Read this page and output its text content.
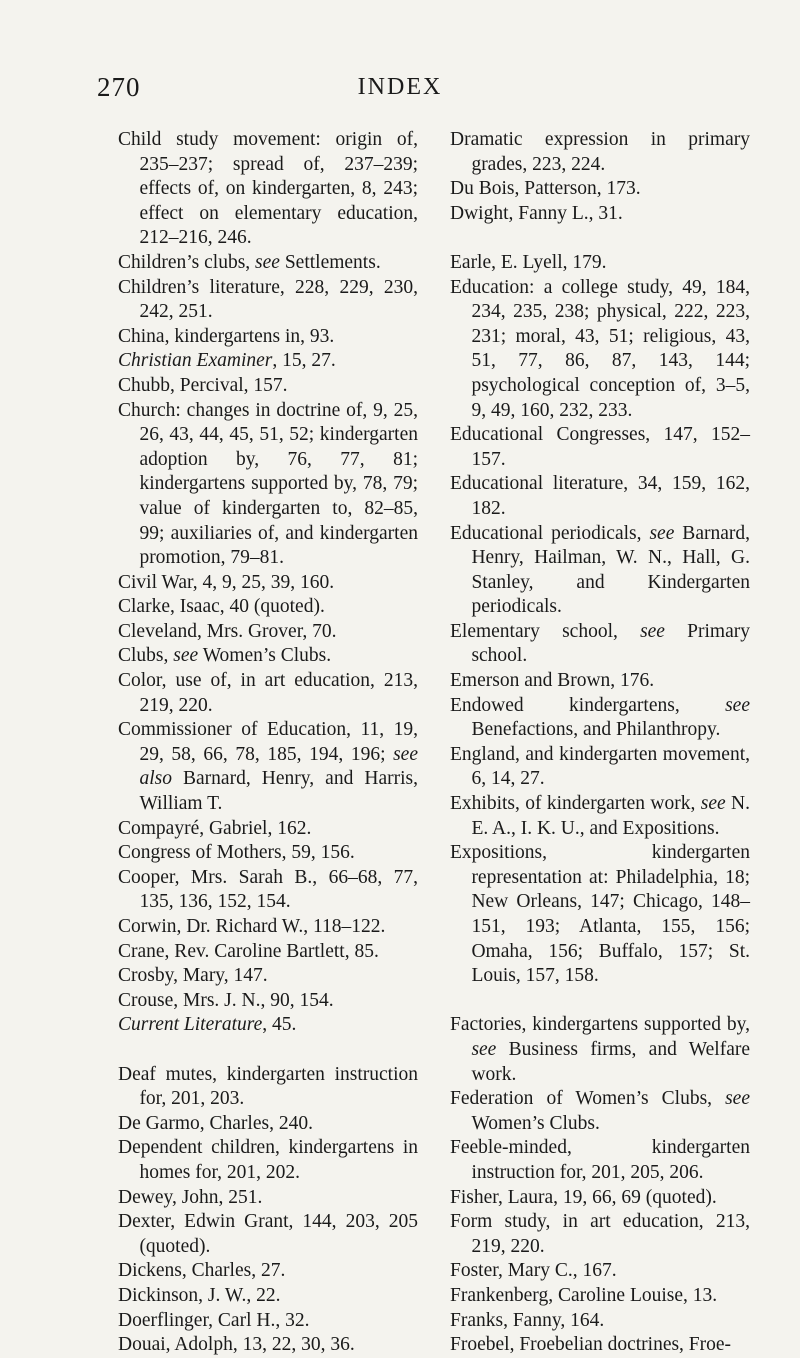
270	INDEX
Child study movement: origin of, 235–237; spread of, 237–239; effects of, on kindergarten, 8, 243; effect on elementary education, 212–216, 246.
Children’s clubs, see Settlements.
Children’s literature, 228, 229, 230, 242, 251.
China, kindergartens in, 93.
Christian Examiner, 15, 27.
Chubb, Percival, 157.
Church: changes in doctrine of, 9, 25, 26, 43, 44, 45, 51, 52; kindergarten adoption by, 76, 77, 81; kindergartens supported by, 78, 79; value of kindergarten to, 82–85, 99; auxiliaries of, and kindergarten promotion, 79–81.
Civil War, 4, 9, 25, 39, 160.
Clarke, Isaac, 40 (quoted).
Cleveland, Mrs. Grover, 70.
Clubs, see Women’s Clubs.
Color, use of, in art education, 213, 219, 220.
Commissioner of Education, 11, 19, 29, 58, 66, 78, 185, 194, 196; see also Barnard, Henry, and Harris, William T.
Compayré, Gabriel, 162.
Congress of Mothers, 59, 156.
Cooper, Mrs. Sarah B., 66–68, 77, 135, 136, 152, 154.
Corwin, Dr. Richard W., 118–122.
Crane, Rev. Caroline Bartlett, 85.
Crosby, Mary, 147.
Crouse, Mrs. J. N., 90, 154.
Current Literature, 45.
Deaf mutes, kindergarten instruction for, 201, 203.
De Garmo, Charles, 240.
Dependent children, kindergartens in homes for, 201, 202.
Dewey, John, 251.
Dexter, Edwin Grant, 144, 203, 205 (quoted).
Dickens, Charles, 27.
Dickinson, J. W., 22.
Doerflinger, Carl H., 32.
Douai, Adolph, 13, 22, 30, 36.
Dramatic expression in primary grades, 223, 224.
Du Bois, Patterson, 173.
Dwight, Fanny L., 31.
Earle, E. Lyell, 179.
Education: a college study, 49, 184, 234, 235, 238; physical, 222, 223, 231; moral, 43, 51; religious, 43, 51, 77, 86, 87, 143, 144; psychological conception of, 3–5, 9, 49, 160, 232, 233.
Educational Congresses, 147, 152–157.
Educational literature, 34, 159, 162, 182.
Educational periodicals, see Barnard, Henry, Hailman, W. N., Hall, G. Stanley, and Kindergarten periodicals.
Elementary school, see Primary school.
Emerson and Brown, 176.
Endowed kindergartens, see Benefactions, and Philanthropy.
England, and kindergarten movement, 6, 14, 27.
Exhibits, of kindergarten work, see N. E. A., I. K. U., and Expositions.
Expositions, kindergarten representation at: Philadelphia, 18; New Orleans, 147; Chicago, 148–151, 193; Atlanta, 155, 156; Omaha, 156; Buffalo, 157; St. Louis, 157, 158.
Factories, kindergartens supported by, see Business firms, and Welfare work.
Federation of Women’s Clubs, see Women’s Clubs.
Feeble-minded, kindergarten instruction for, 201, 205, 206.
Fisher, Laura, 19, 66, 69 (quoted).
Form study, in art education, 213, 219, 220.
Foster, Mary C., 167.
Frankenberg, Caroline Louise, 13.
Franks, Fanny, 164.
Froebel, Froebelian doctrines, Froe-
